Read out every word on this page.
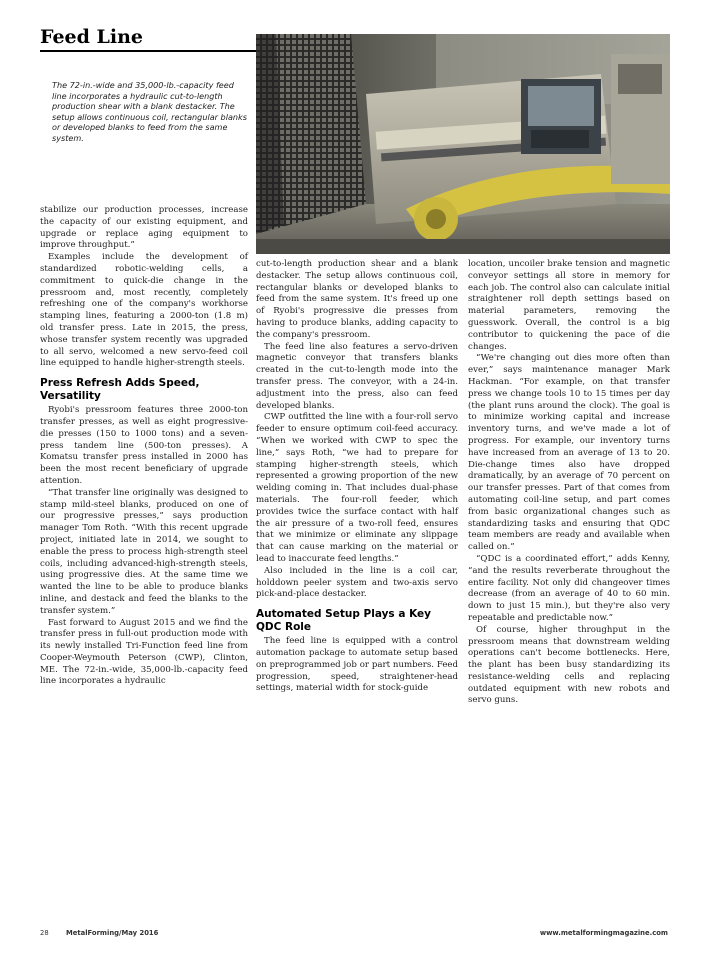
Feed Line
The 72-in.-wide and 35,000-lb.-capacity feed line incorporates a hydraulic cut-to-length production shear with a blank destacker. The setup allows continuous coil, rectangular blanks or developed blanks to feed from the same system.

stabilize our production processes, increase the capacity of our existing equipment, and upgrade or replace aging equipment to improve throughput.”

Examples include the development of standardized robotic-welding cells, a commitment to quick-die change in the pressroom and, most recently, completely refreshing one of the company's workhorse stamping lines, featuring a 2000-ton (1.8 m) old transfer press. Late in 2015, the press, whose transfer system recently was upgraded to all servo, welcomed a new servo-feed coil line equipped to handle higher-strength steels.

Press Refresh Adds Speed, Versatility

Ryobi's pressroom features three 2000-ton transfer presses, as well as eight progressive-die presses (150 to 1000 tons) and a seven-press tandem line (500-ton presses). A Komatsu transfer press installed in 2000 has been the most recent beneficiary of upgrade attention.

“That transfer line originally was designed to stamp mild-steel blanks, produced on one of our progressive presses,” says production manager Tom Roth. “With this recent upgrade project, initiated late in 2014, we sought to enable the press to process high-strength steel coils, including advanced-high-strength steels, using progressive dies. At the same time we wanted the line to be able to produce blanks inline, and destack and feed the blanks to the transfer system.”

Fast forward to August 2015 and we find the transfer press in full-out production mode with its newly installed Tri-Function feed line from Cooper-Weymouth Peterson (CWP), Clinton, ME. The 72-in.-wide, 35,000-lb.-capacity feed line incorporates a hydraulic

cut-to-length production shear and a blank destacker. The setup allows continuous coil, rectangular blanks or developed blanks to feed from the same system. It's freed up one of Ryobi's progressive die presses from having to produce blanks, adding capacity to the company's pressroom.

The feed line also features a servo-driven magnetic conveyor that transfers blanks created in the cut-to-length mode into the transfer press. The conveyor, with a 24-in. adjustment into the press, also can feed developed blanks.

CWP outfitted the line with a four-roll servo feeder to ensure optimum coil-feed accuracy. “When we worked with CWP to spec the line,” says Roth, “we had to prepare for stamping higher-strength steels, which represented a growing proportion of the new welding coming in. That includes dual-phase materials. The four-roll feeder, which provides twice the surface contact with half the air pressure of a two-roll feed, ensures that we minimize or eliminate any slippage that can cause marking on the material or lead to inaccurate feed lengths.”

Also included in the line is a coil car, holddown peeler system and two-axis servo pick-and-place destacker.

Automated Setup Plays a Key QDC Role

The feed line is equipped with a control automation package to automate setup based on preprogrammed job or part numbers. Feed progression, speed, straightener-head settings, material width for stock-guide

location, uncoiler brake tension and magnetic conveyor settings all store in memory for each job. The control also can calculate initial straightener roll depth settings based on material parameters, removing the guesswork. Overall, the control is a big contributor to quickening the pace of die changes.

“We're changing out dies more often than ever,” says maintenance manager Mark Hackman. “For example, on that transfer press we change tools 10 to 15 times per day (the plant runs around the clock). The goal is to minimize working capital and increase inventory turns, and we've made a lot of progress. For example, our inventory turns have increased from an average of 13 to 20. Die-change times also have dropped dramatically, by an average of 70 percent on our transfer presses. Part of that comes from automating coil-line setup, and part comes from basic organizational changes such as standardizing tasks and ensuring that QDC team members are ready and available when called on.”

“QDC is a coordinated effort,” adds Kenny, “and the results reverberate throughout the entire facility. Not only did changeover times decrease (from an average of 40 to 60 min. down to just 15 min.), but they're also very repeatable and predictable now.”

Of course, higher throughput in the pressroom means that downstream welding operations can't become bottlenecks. Here, the plant has been busy standardizing its resistance-welding cells and replacing outdated equipment with new robots and servo guns.

28	MetalForming/May 2016	www.metalformingmagazine.com
